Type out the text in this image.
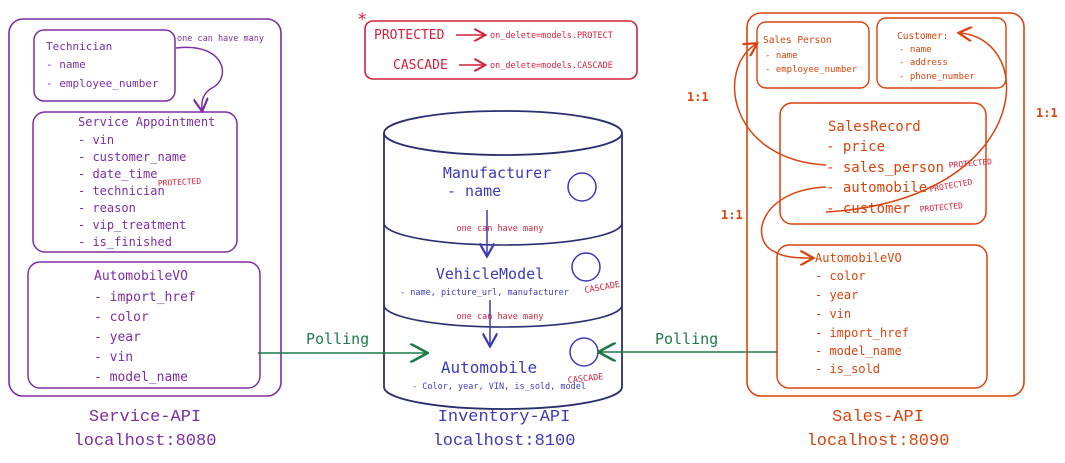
*
PROTECTED	on_delete=models.PROTECT
CASCADE	on_delete=models.CASCADE
Technician
- name
- employee_number
one can have many
Service Appointment
- vin
- customer_name
- date_time
- technician
PROTECTED
- reason
- vip_treatment
- is_finished
AutomobileVO
- import_href
- color
- year
- vin
- model_name
Service-API
localhost:8080
Manufacturer
- name
one can have many
VehicleModel
- name, picture_url, manufacturer CASCADE
one can have many
Automobile
- Color, year, VIN, is_sold, model
CASCADE
Inventory-API
localhost:8100
Polling	Polling
Sales Person
- name
- employee_number
Customer:
- name
- address
- phone_number
SalesRecord
- price
- sales_person PROTECTED
- automobile PROTECTED
- customer PROTECTED
AutomobileVO
- color
- year
- vin
- import_href
- model_name
- is_sold
1:1
1:1
1:1
Sales-API
localhost:8090
